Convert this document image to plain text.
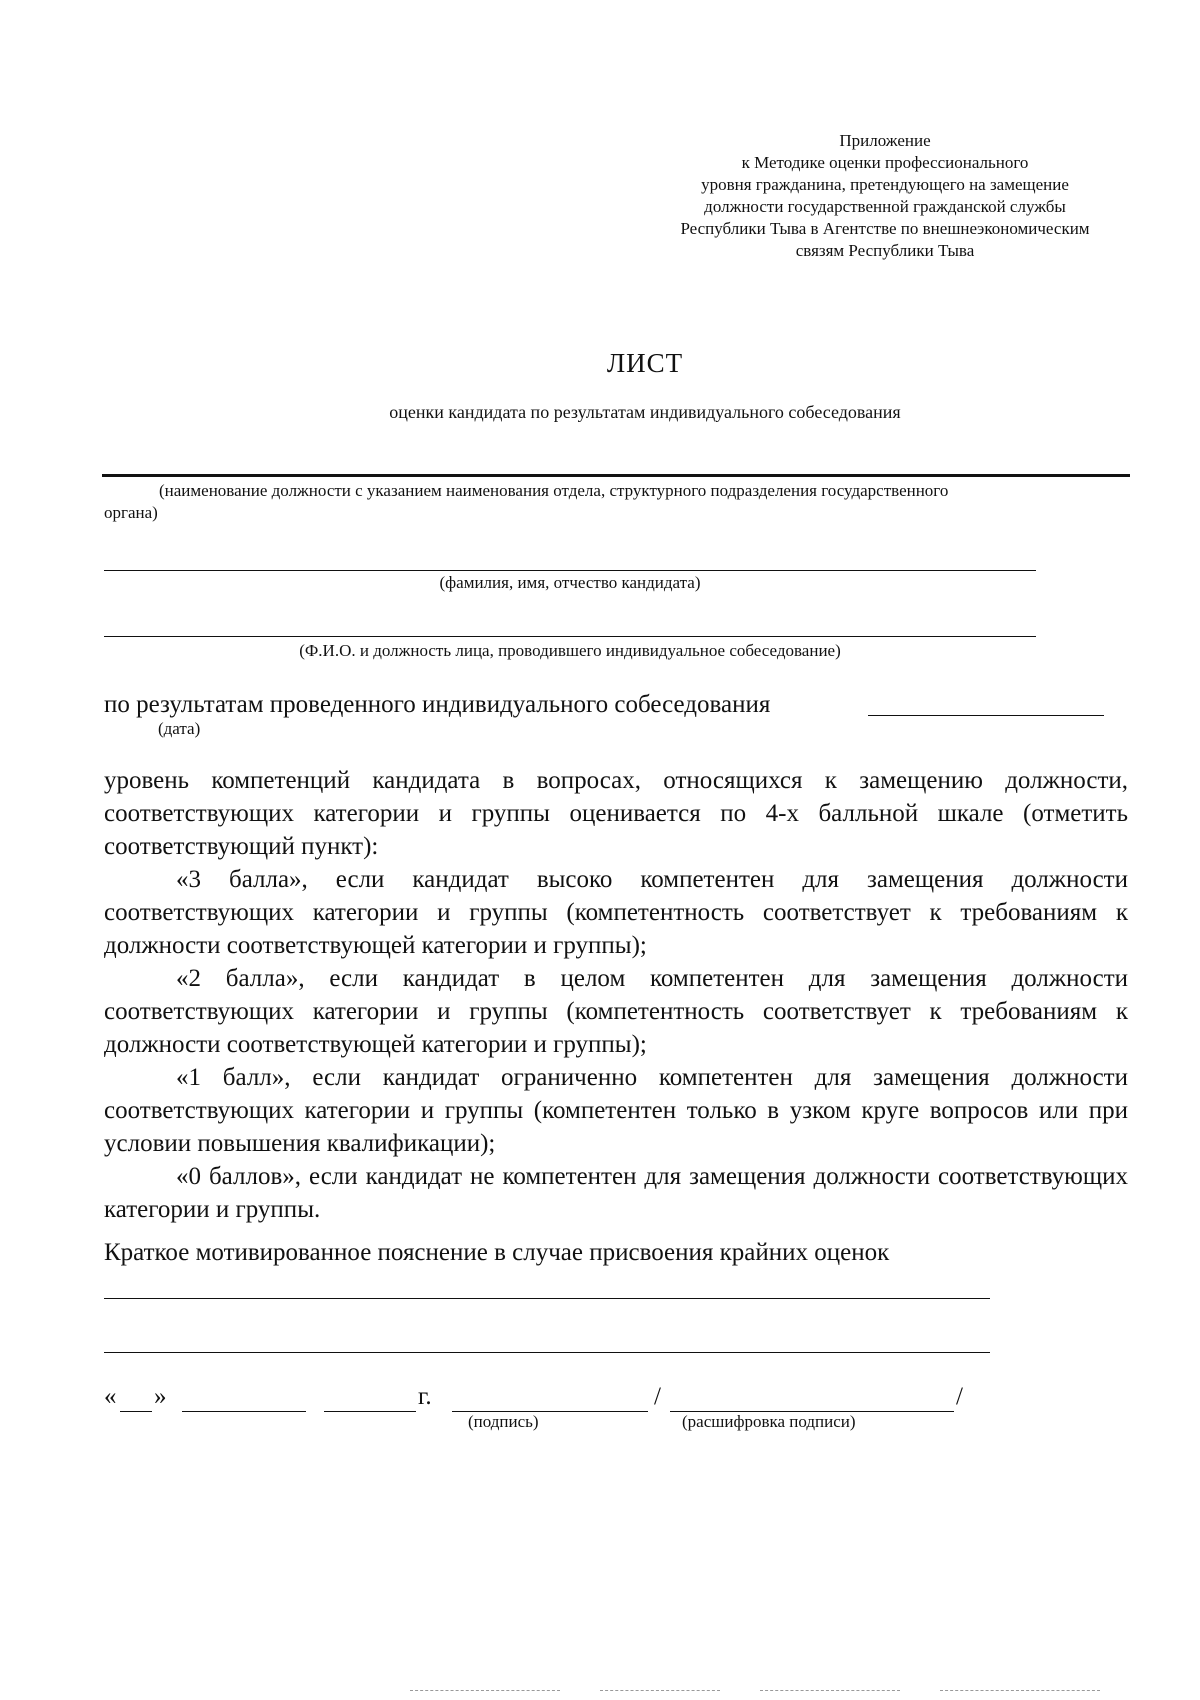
Приложение
к Методике оценки профессионального
уровня гражданина, претендующего на замещение
должности государственной гражданской службы
Республики Тыва в Агентстве по внешнеэкономическим
связям Республики Тыва
ЛИСТ
оценки кандидата по результатам индивидуального собеседования
(наименование должности с указанием наименования отдела, структурного подразделения государственного
органа)
(фамилия, имя, отчество кандидата)
(Ф.И.О. и должность лица, проводившего индивидуальное собеседование)
по результатам проведенного индивидуального собеседования
(дата)
уровень компетенций кандидата в вопросах, относящихся к замещению должности, соответствующих категории и группы оценивается по 4-х балльной шкале (отметить соответствующий пункт):
«3 балла», если кандидат высоко компетентен для замещения должности соответствующих категории и группы (компетентность соответствует к требованиям к должности соответствующей категории и группы);
«2 балла», если кандидат в целом компетентен для замещения должности соответствующих категории и группы (компетентность соответствует к требованиям к должности соответствующей категории и группы);
«1 балл», если кандидат ограниченно компетентен для замещения должности соответствующих категории и группы (компетентен только в узком круге вопросов или при условии повышения квалификации);
«0 баллов», если кандидат не компетентен для замещения должности соответствующих категории и группы.
Краткое мотивированное пояснение в случае присвоения крайних оценок
« »	г.	/	/
(подпись)	(расшифровка подписи)
